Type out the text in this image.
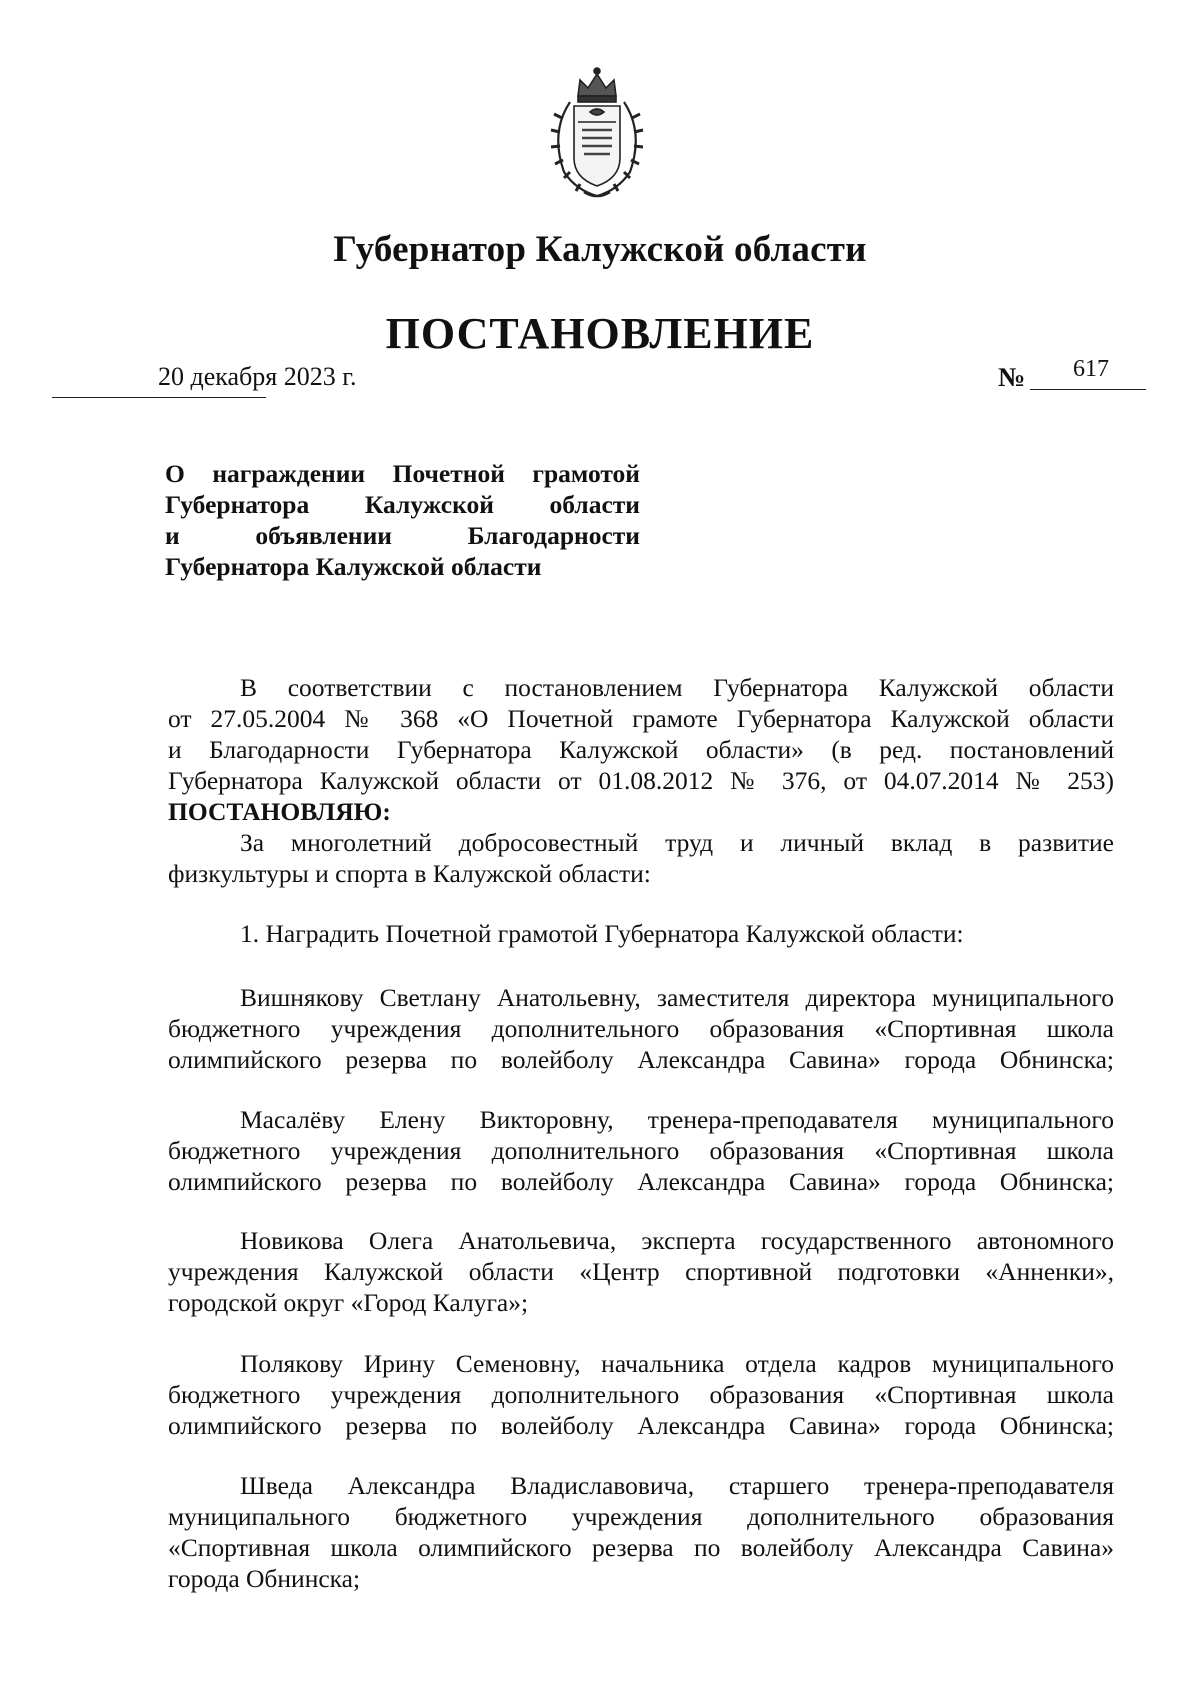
Губернатор Калужской области
ПОСТАНОВЛЕНИЕ
20 декабря 2023 г.	№ 617
О награждении Почетной грамотой
Губернатора Калужской области
и объявлении Благодарности
Губернатора Калужской области
В соответствии с постановлением Губернатора Калужской области
от 27.05.2004 № 368 «О Почетной грамоте Губернатора Калужской области
и Благодарности Губернатора Калужской области» (в ред. постановлений
Губернатора Калужской области от 01.08.2012 № 376, от 04.07.2014 № 253)
ПОСТАНОВЛЯЮ:
За многолетний добросовестный труд и личный вклад в развитие
физкультуры и спорта в Калужской области:
1. Наградить Почетной грамотой Губернатора Калужской области:
Вишнякову Светлану Анатольевну, заместителя директора муниципального
бюджетного учреждения дополнительного образования «Спортивная школа
олимпийского резерва по волейболу Александра Савина» города Обнинска;
Масалёву Елену Викторовну, тренера-преподавателя муниципального
бюджетного учреждения дополнительного образования «Спортивная школа
олимпийского резерва по волейболу Александра Савина» города Обнинска;
Новикова Олега Анатольевича, эксперта государственного автономного
учреждения Калужской области «Центр спортивной подготовки «Анненки»,
городской округ «Город Калуга»;
Полякову Ирину Семеновну, начальника отдела кадров муниципального
бюджетного учреждения дополнительного образования «Спортивная школа
олимпийского резерва по волейболу Александра Савина» города Обнинска;
Шведа Александра Владиславовича, старшего тренера-преподавателя
муниципального бюджетного учреждения дополнительного образования
«Спортивная школа олимпийского резерва по волейболу Александра Савина»
города Обнинска;
